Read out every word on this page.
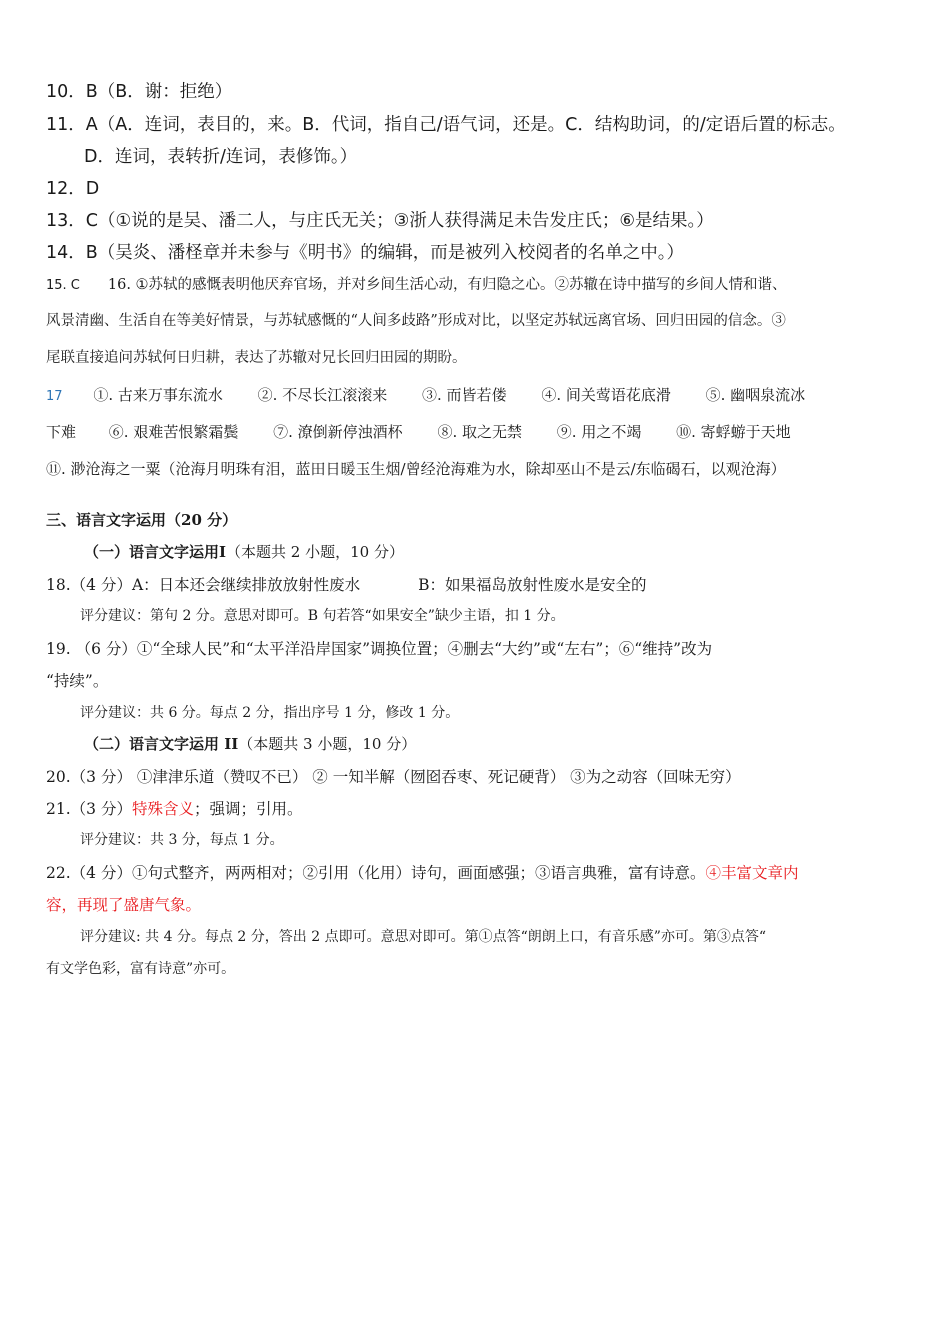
10．B（B．谢：拒绝）
11．A（A．连词，表目的，来。B．代词，指自己/语气词，还是。C．结构助词，的/定语后置的标志。
D．连词，表转折/连词，表修饰。）
12．D
13．C（①说的是吴、潘二人，与庄氏无关；③浙人获得满足未告发庄氏；⑥是结果。）
14．B（吴炎、潘柽章并未参与《明书》的编辑，而是被列入校阅者的名单之中。）
15. C 16. ①苏轼的感慨表明他厌弃官场，并对乡间生活心动，有归隐之心。②苏辙在诗中描写的乡间人情和谐、
风景清幽、生活自在等美好情景，与苏轼感慨的“人间多歧路”形成对比，以坚定苏轼远离官场、回归田园的信念。③
尾联直接追问苏轼何日归耕，表达了苏辙对兄长回归田园的期盼。
17 ①. 古来万事东流水 ②. 不尽长江滚滚来 ③. 而皆若偻 ④. 间关莺语花底滑 ⑤. 幽咽泉流冰
下难 ⑥. 艰难苦恨繁霜鬓 ⑦. 潦倒新停浊酒杯 ⑧. 取之无禁 ⑨. 用之不竭 ⑩. 寄蜉蝣于天地
⑪. 渺沧海之一粟（沧海月明珠有泪，蓝田日暖玉生烟/曾经沧海难为水，除却巫山不是云/东临碣石，以观沧海）
三、语言文字运用（20 分）
（一）语言文字运用Ⅰ（本题共 2 小题，10 分）
18.（4 分）A：日本还会继续排放放射性废水	B：如果福岛放射性废水是安全的
评分建议：第句 2 分。意思对即可。B 句若答“如果安全”缺少主语，扣 1 分。
19. （6 分）①“全球人民”和“太平洋沿岸国家”调换位置；④删去“大约”或“左右”；⑥“维持”改为
“持续”。
评分建议：共 6 分。每点 2 分，指出序号 1 分，修改 1 分。
（二）语言文字运用 II（本题共 3 小题，10 分）
20.（3 分） ①津津乐道（赞叹不已） ② 一知半解（囫囵吞枣、死记硬背） ③为之动容（回味无穷）
21.（3 分）特殊含义；强调；引用。
评分建议：共 3 分，每点 1 分。
22.（4 分）①句式整齐，两两相对；②引用（化用）诗句，画面感强；③语言典雅，富有诗意。④丰富文章内
容，再现了盛唐气象。
评分建议: 共 4 分。每点 2 分，答出 2 点即可。意思对即可。第①点答“朗朗上口，有音乐感”亦可。第③点答“
有文学色彩，富有诗意”亦可。
